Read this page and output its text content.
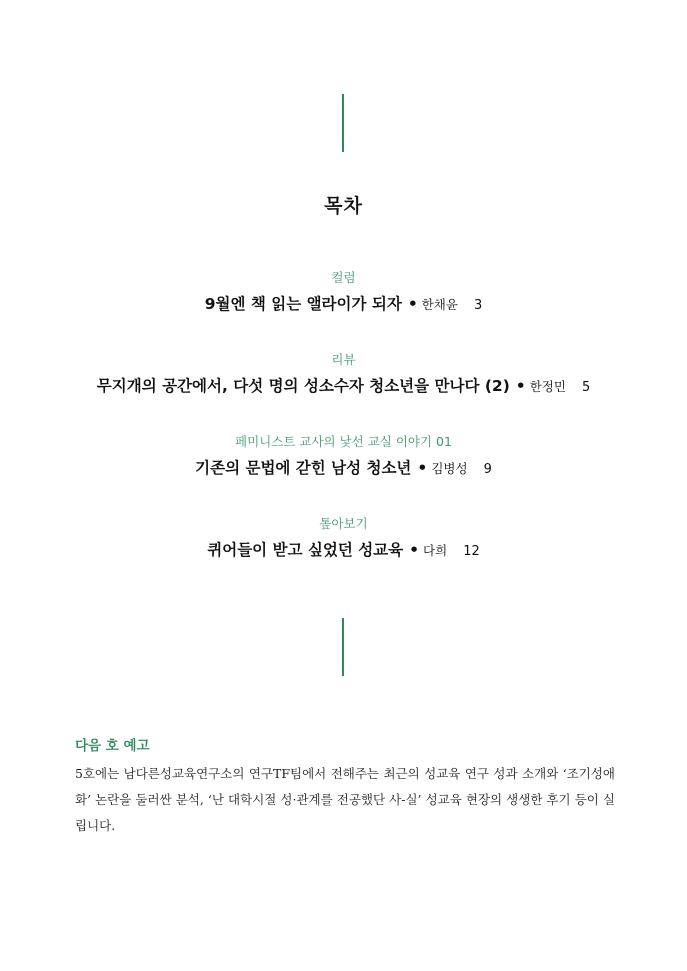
목차
컬럼
9월엔 책 읽는 앨라이가 되자 • 한채윤 3
리뷰
무지개의 공간에서, 다섯 명의 성소수자 청소년을 만나다 (2) • 한정민 5
페미니스트 교사의 낯선 교실 이야기 01
기존의 문법에 갇힌 남성 청소년 • 김병성 9
톺아보기
퀴어들이 받고 싶었던 성교육 • 다희 12
다음 호 예고
5호에는 남다른성교육연구소의 연구TF팀에서 전해주는 최근의 성교육 연구 성과 소개와 ‘조기성애화’ 논란을 둘러싼 분석, ‘난 대학시절 성·관계를 전공했단 사-실’ 성교육 현장의 생생한 후기 등이 실립니다.
